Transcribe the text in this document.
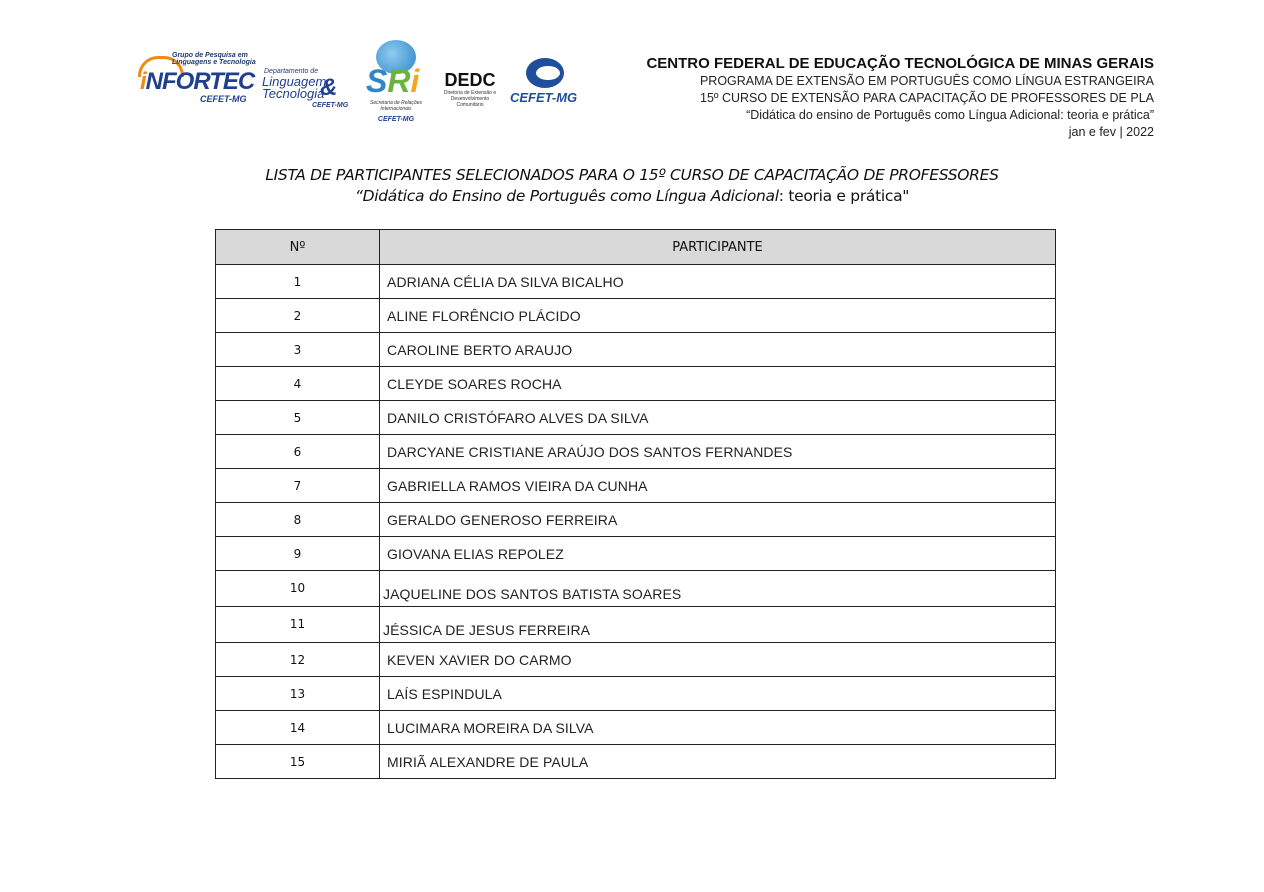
Grupo de Pesquisa em Linguagens e Tecnologia
iNFORTEC
CEFET-MG
Departamento de
Linguagem
Tecnologia
&
CEFET-MG
SRi
Secretaria de Relações Internacionais
CEFET-MG
DEDC
Diretoria de Extensão e Desenvolvimento Comunitário	CEFET-MG
CENTRO FEDERAL DE EDUCAÇÃO TECNOLÓGICA DE MINAS GERAIS
PROGRAMA DE EXTENSÃO EM PORTUGUÊS COMO LÍNGUA ESTRANGEIRA
15º CURSO DE EXTENSÃO PARA CAPACITAÇÃO DE PROFESSORES DE PLA
“Didática do ensino de Português como Língua Adicional: teoria e prática”
jan e fev | 2022
LISTA DE PARTICIPANTES SELECIONADOS PARA O 15º CURSO DE CAPACITAÇÃO DE PROFESSORES
“Didática do Ensino de Português como Língua Adicional: teoria e prática"
Nº	PARTICIPANTE
1	ADRIANA CÉLIA DA SILVA BICALHO
2	ALINE FLORÊNCIO PLÁCIDO
3	CAROLINE BERTO ARAUJO
4	CLEYDE SOARES ROCHA
5	DANILO CRISTÓFARO ALVES DA SILVA
6	DARCYANE CRISTIANE ARAÚJO DOS SANTOS FERNANDES
7	GABRIELLA RAMOS VIEIRA DA CUNHA
8	GERALDO GENEROSO FERREIRA
9	GIOVANA ELIAS REPOLEZ
10	JAQUELINE DOS SANTOS BATISTA SOARES
11	JÉSSICA DE JESUS FERREIRA
12	KEVEN XAVIER DO CARMO
13	LAÍS ESPINDULA
14	LUCIMARA MOREIRA DA SILVA
15	MIRIÃ ALEXANDRE DE PAULA
